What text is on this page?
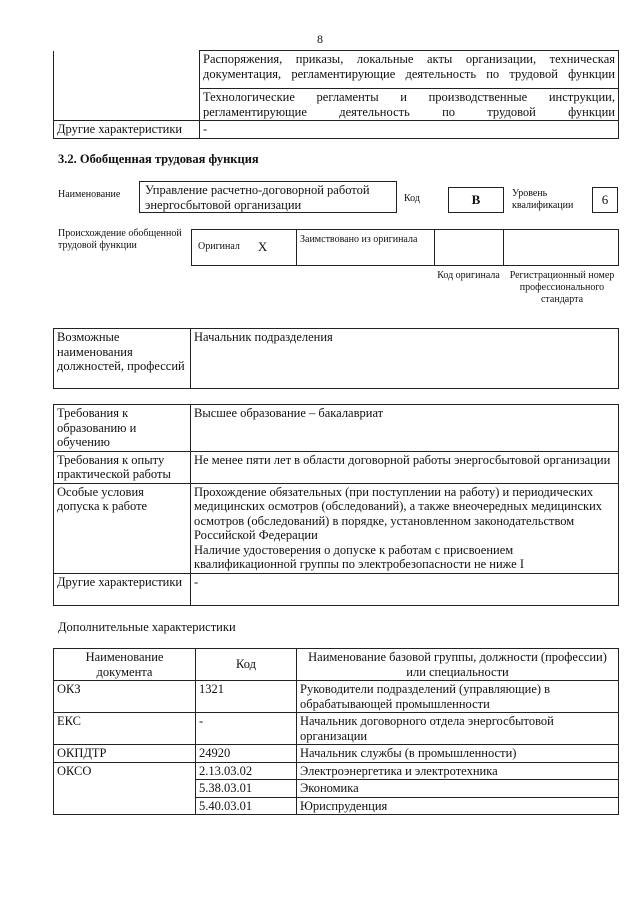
8
	Распоряжения, приказы, локальные акты организации, техническая документация, регламентирующие деятельность по трудовой функции
	Технологические регламенты и производственные инструкции, регламентирующие деятельность по трудовой функции
Другие характеристики	-
3.2. Обобщенная трудовая функция
Наименование	Управление расчетно-договорной работой энергосбытовой организации	Код	B	Уровень квалификации	6
Происхождение обобщенной трудовой функции	Оригинал X	Заимствовано из оригинала		
Код оригинала Регистрационный номер профессионального стандарта
Возможные наименования должностей, профессий	Начальник подразделения
Требования к образованию и обучению	Высшее образование – бакалавриат
Требования к опыту практической работы	Не менее пяти лет в области договорной работы энергосбытовой организации
Особые условия допуска к работе	Прохождение обязательных (при поступлении на работу) и периодических медицинских осмотров (обследований), а также внеочередных медицинских осмотров (обследований) в порядке, установленном законодательством Российской Федерации
Наличие удостоверения о допуске к работам с присвоением квалификационной группы по электробезопасности не ниже I

Другие характеристики	-
Дополнительные характеристики
Наименование документа	Код	Наименование базовой группы, должности (профессии) или специальности
ОКЗ	1321	Руководители подразделений (управляющие) в обрабатывающей промышленности
ЕКС	-	Начальник договорного отдела энергосбытовой организации
ОКПДТР	24920	Начальник службы (в промышленности)
ОКСО	2.13.03.02	Электроэнергетика и электротехника
	5.38.03.01	Экономика
	5.40.03.01	Юриспруденция
